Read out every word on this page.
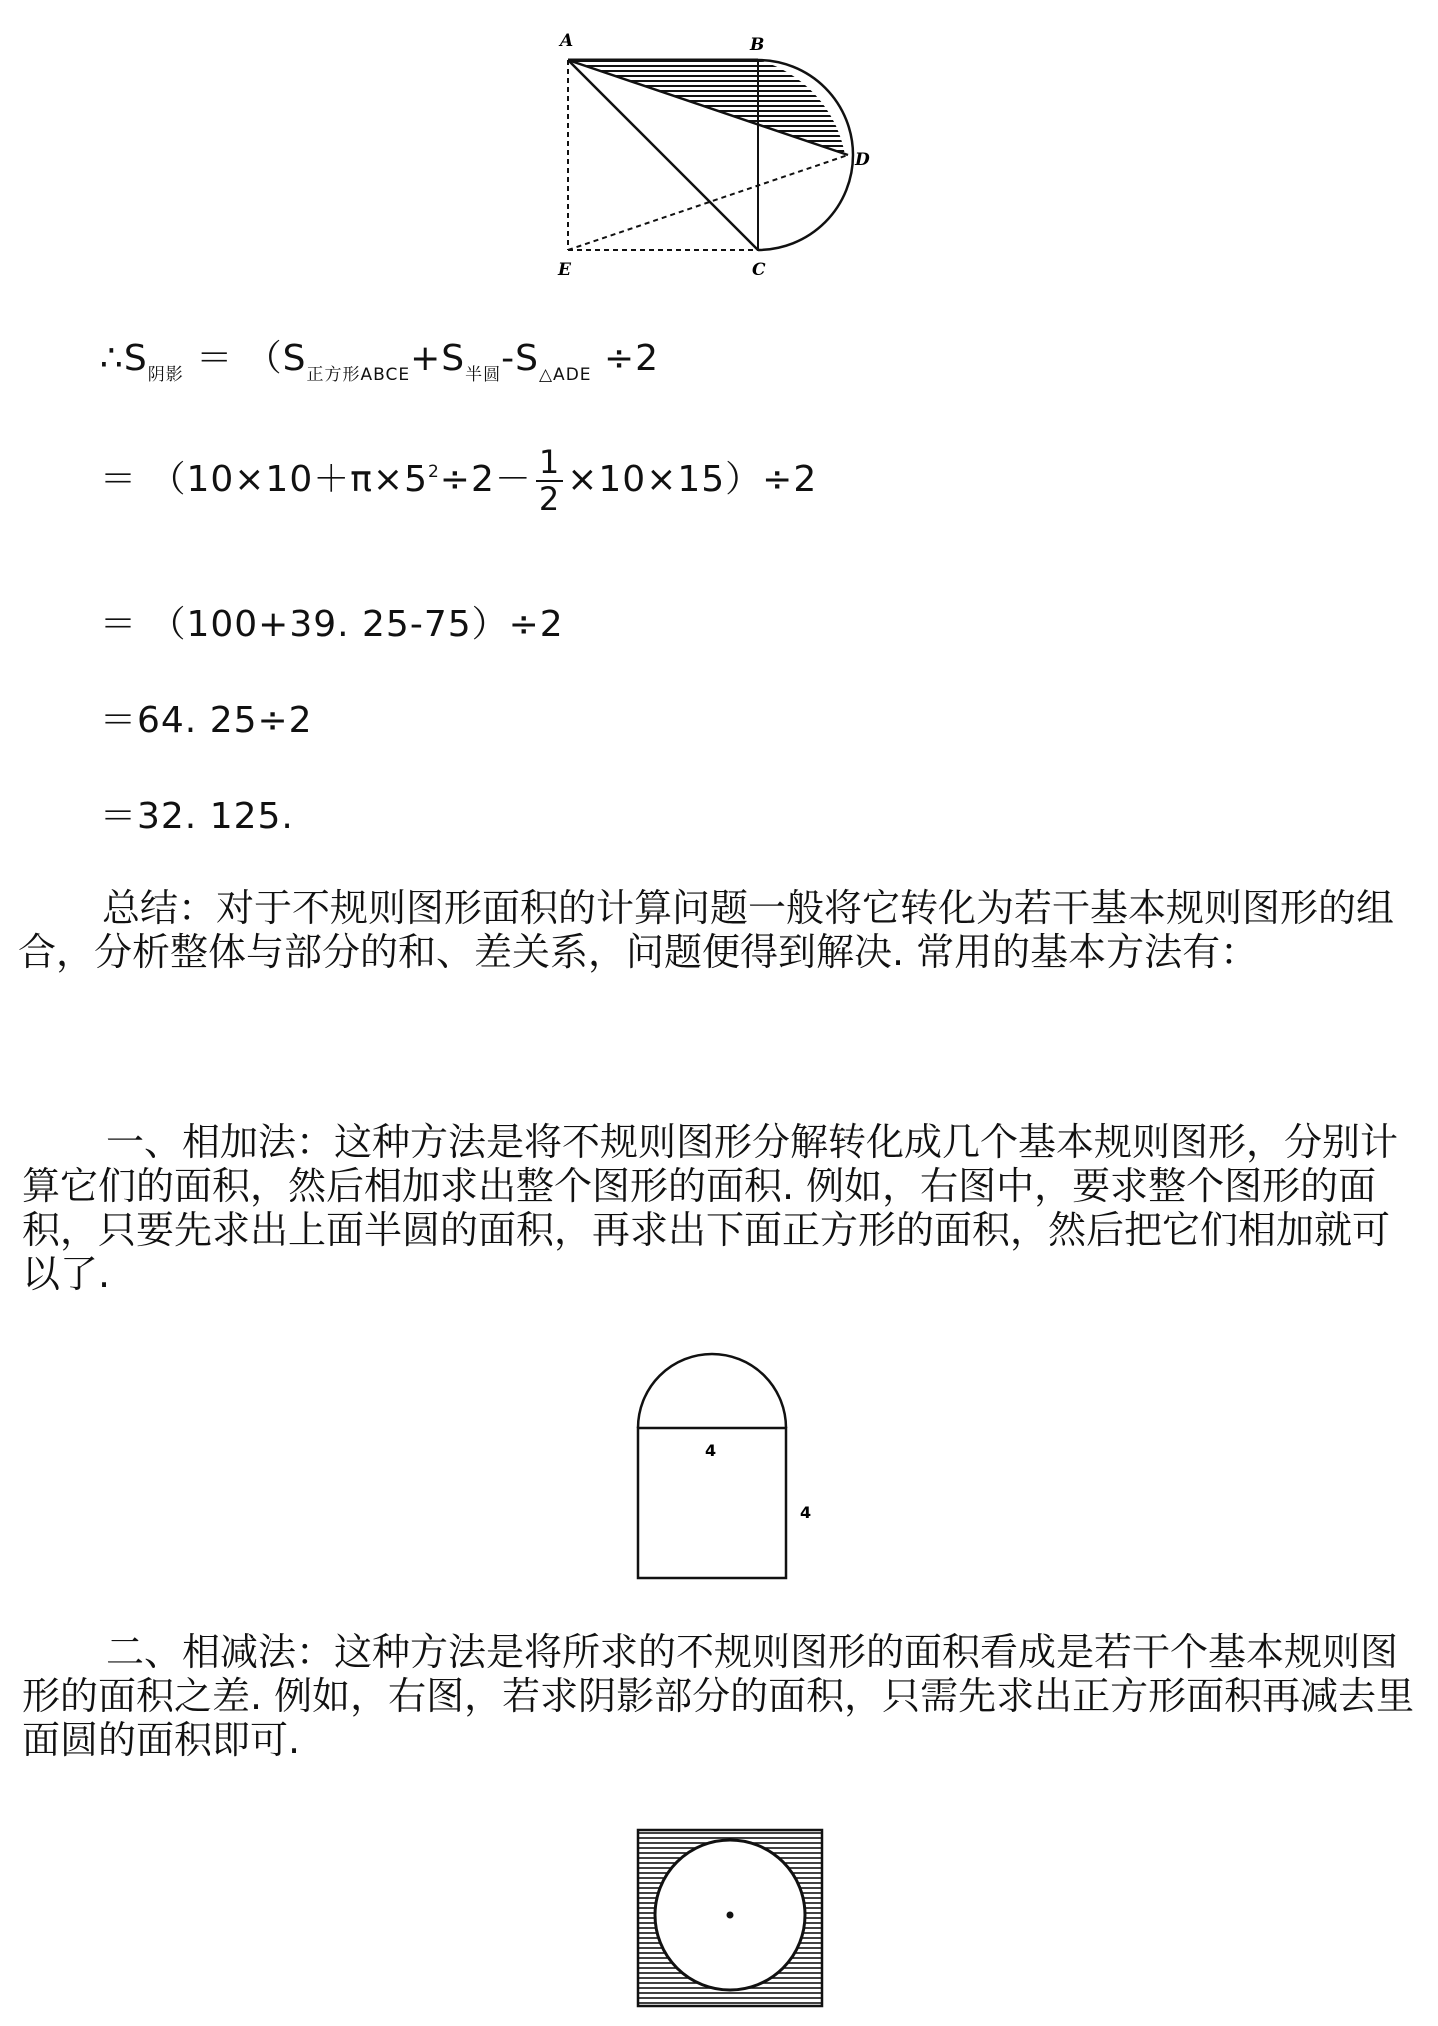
A	B
D
E	C
$\therefore S_{阴影} = (S_{正方形ABCE}+S_{半圆}-S_{\triangle ADE} \div 2$
＝ $(10\times 10+\pi\times 5^2\div 2- \frac{1}{2} \times 10\times 15)\div 2$
＝ （100+39. 25-75）÷2
＝64. 25÷2
＝32. 125.

总结：对于不规则图形面积的计算问题一般将它转化为若干基本规则图形的组合，分析整体与部分的和、差关系，问题便得到解决. 常用的基本方法有：

一、相加法：这种方法是将不规则图形分解转化成几个基本规则图形，分别计算它们的面积，然后相加求出整个图形的面积. 例如，右图中，要求整个图形的面积，只要先求出上面半圆的面积，再求出下面正方形的面积，然后把它们相加就可以了.

4
4

二、相减法：这种方法是将所求的不规则图形的面积看成是若干个基本规则图形的面积之差. 例如，右图，若求阴影部分的面积，只需先求出正方形面积再减去里面圆的面积即可.
